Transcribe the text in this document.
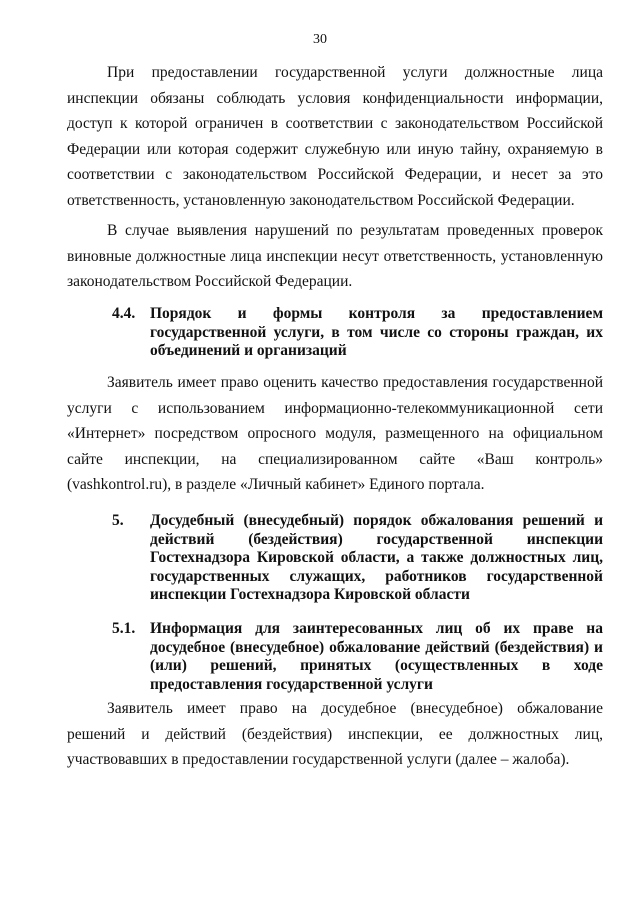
30

При предоставлении государственной услуги должностные лица инспекции обязаны соблюдать условия конфиденциальности информации, доступ к которой ограничен в соответствии с законодательством Российской Федерации или которая содержит служебную или иную тайну, охраняемую в соответствии с законодательством Российской Федерации, и несет за это ответственность, установленную законодательством Российской Федерации.

В случае выявления нарушений по результатам проведенных проверок виновные должностные лица инспекции несут ответственность, установленную законодательством Российской Федерации.

4.4. Порядок и формы контроля за предоставлением государственной услуги, в том числе со стороны граждан, их объединений и организаций

Заявитель имеет право оценить качество предоставления государственной услуги с использованием информационно-телекоммуникационной сети «Интернет» посредством опросного модуля, размещенного на официальном сайте инспекции, на специализированном сайте «Ваш контроль» (vashkontrol.ru), в разделе «Личный кабинет» Единого портала.

5. Досудебный (внесудебный) порядок обжалования решений и действий (бездействия) государственной инспекции Гостехнадзора Кировской области, а также должностных лиц, государственных служащих, работников государственной инспекции Гостехнадзора Кировской области

5.1. Информация для заинтересованных лиц об их праве на досудебное (внесудебное) обжалование действий (бездействия) и (или) решений, принятых (осуществленных в ходе предоставления государственной услуги

Заявитель имеет право на досудебное (внесудебное) обжалование решений и действий (бездействия) инспекции, ее должностных лиц, участвовавших в предоставлении государственной услуги (далее – жалоба).
